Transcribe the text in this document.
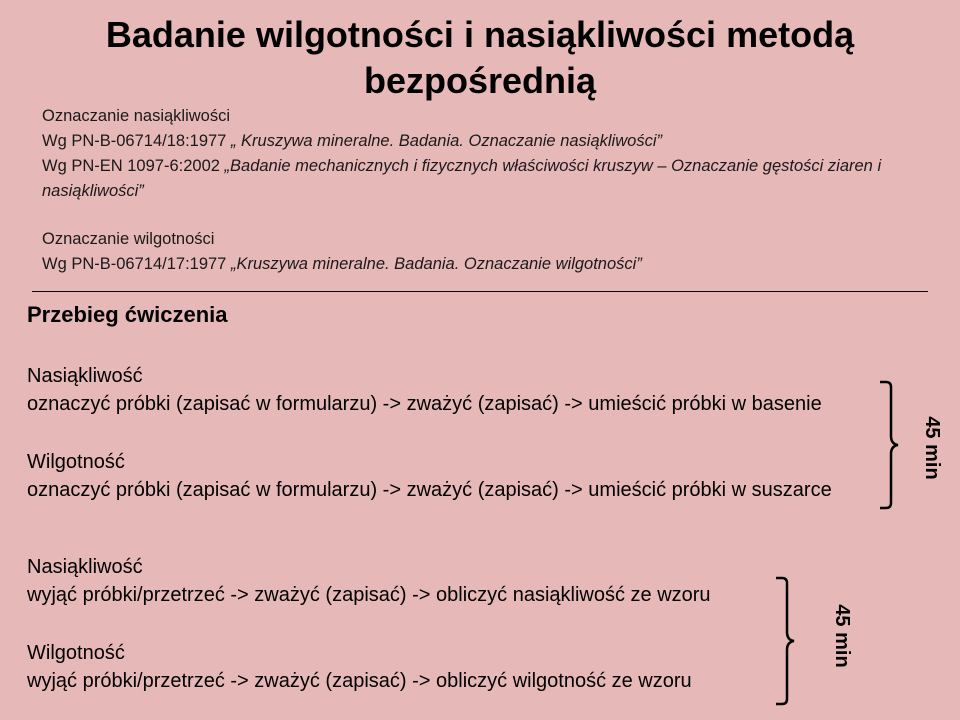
Badanie wilgotności i nasiąkliwości metodą
bezpośrednią

Oznaczanie nasiąkliwości

Wg PN-B-06714/18:1977 „ Kruszywa mineralne. Badania. Oznaczanie nasiąkliwości”

Wg PN-EN 1097-6:2002 „Badanie mechanicznych i fizycznych właściwości kruszyw – Oznaczanie gęstości ziaren i nasiąkliwości”

Oznaczanie wilgotności

Wg PN-B-06714/17:1977 „Kruszywa mineralne. Badania. Oznaczanie wilgotności”

Przebieg ćwiczenia

Nasiąkliwość

oznaczyć próbki (zapisać w formularzu) -> zważyć (zapisać) -> umieścić próbki w basenie

Wilgotność

oznaczyć próbki (zapisać w formularzu) -> zważyć (zapisać) -> umieścić próbki w suszarce

45 min

Nasiąkliwość

wyjąć próbki/przetrzeć -> zważyć (zapisać) -> obliczyć nasiąkliwość ze wzoru

Wilgotność

wyjąć próbki/przetrzeć -> zważyć (zapisać) -> obliczyć wilgotność ze wzoru

45 min
